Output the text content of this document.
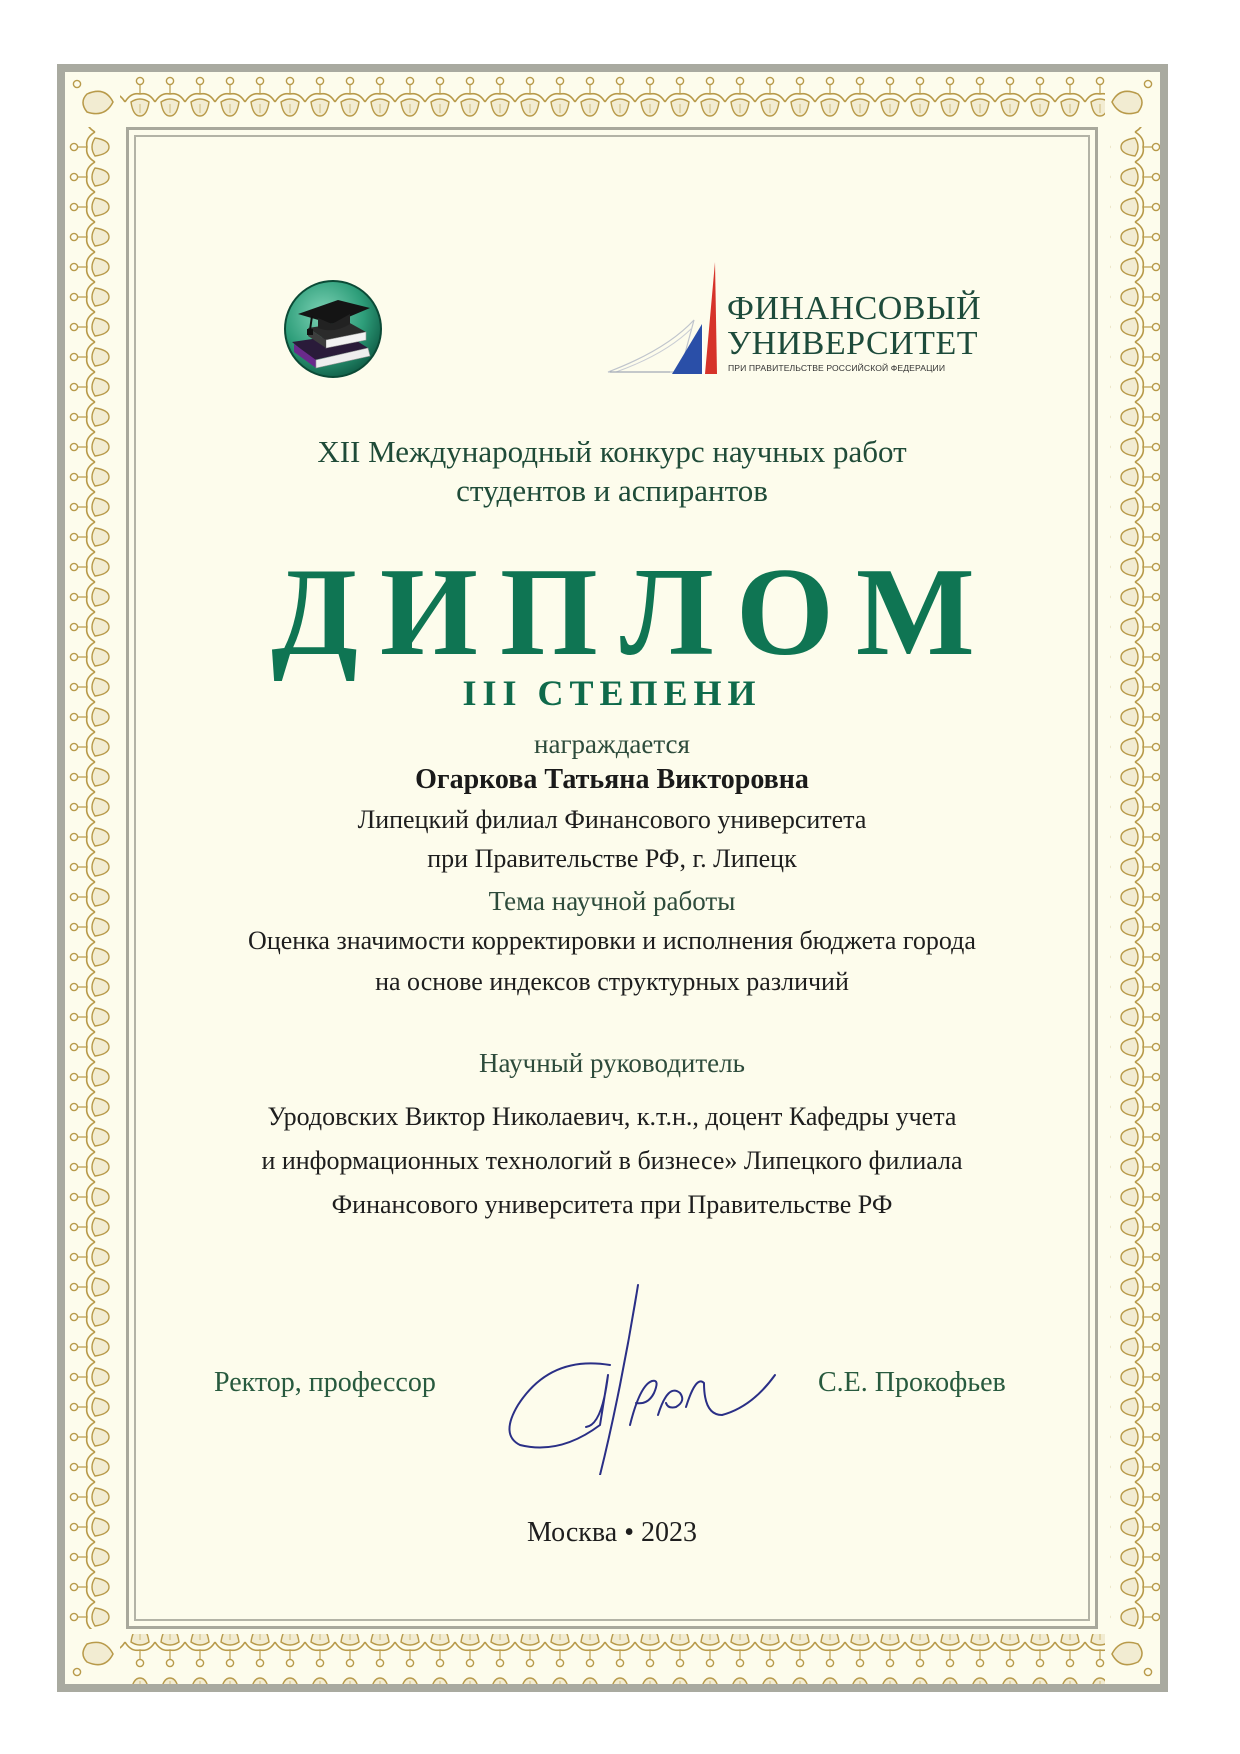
ФИНАНСОВЫЙ
УНИВЕРСИТЕТ
ПРИ ПРАВИТЕЛЬСТВЕ РОССИЙСКОЙ ФЕДЕРАЦИИ
XII Международный конкурс научных работ
студентов и аспирантов
ДИПЛОМ
III СТЕПЕНИ
награждается
Огаркова Татьяна Викторовна
Липецкий филиал Финансового университета
при Правительстве РФ, г. Липецк
Тема научной работы
Оценка значимости корректировки и исполнения бюджета города
на основе индексов структурных различий
Научный руководитель
Уродовских Виктор Николаевич, к.т.н., доцент Кафедры учета
и информационных технологий в бизнесе» Липецкого филиала
Финансового университета при Правительстве РФ
Ректор, профессор	С.Е. Прокофьев
Москва • 2023
